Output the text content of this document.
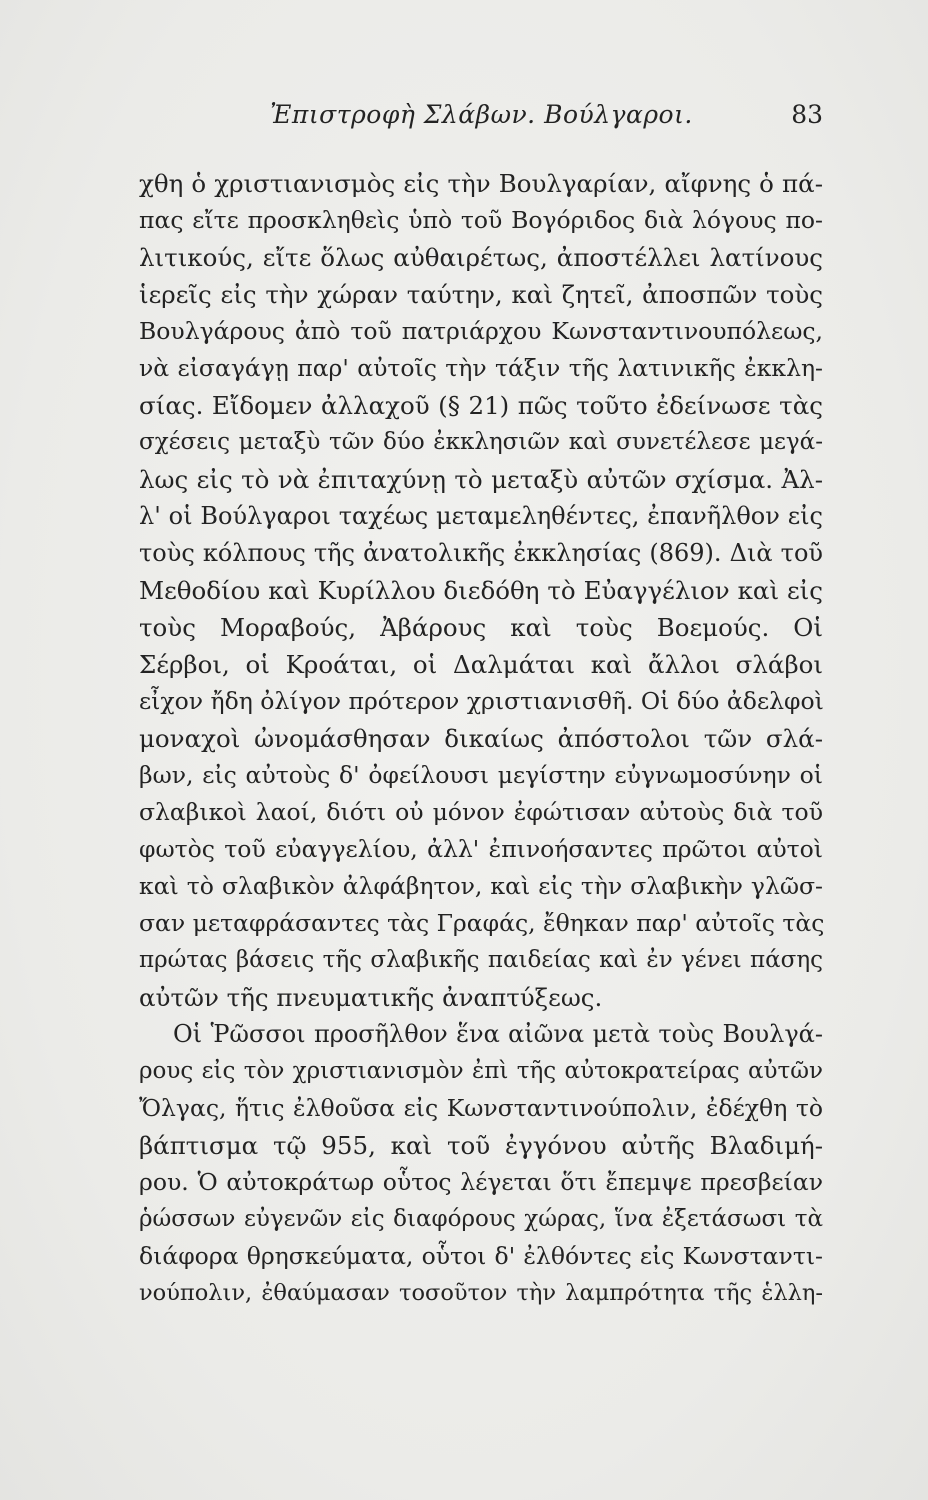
Ἐπιστροφὴ Σλάβων. Βούλγαροι.	83
χθη ὁ χριστιανισμὸς εἰς τὴν Βουλγαρίαν, αἴφνης ὁ πά-
πας εἴτε προσκληθεὶς ὑπὸ τοῦ Βογόριδος διὰ λόγους πο-
λιτικούς, εἴτε ὅλως αὐθαιρέτως, ἀποστέλλει λατίνους
ἱερεῖς εἰς τὴν χώραν ταύτην, καὶ ζητεῖ, ἀποσπῶν τοὺς
Βουλγάρους ἀπὸ τοῦ πατριάρχου Κωνσταντινουπόλεως,
νὰ εἰσαγάγῃ παρ' αὐτοῖς τὴν τάξιν τῆς λατινικῆς ἐκκλη-
σίας. Εἴδομεν ἀλλαχοῦ (§ 21) πῶς τοῦτο ἐδείνωσε τὰς
σχέσεις μεταξὺ τῶν δύο ἐκκλησιῶν καὶ συνετέλεσε μεγά-
λως εἰς τὸ νὰ ἐπιταχύνῃ τὸ μεταξὺ αὐτῶν σχίσμα. Ἀλ-
λ' οἱ Βούλγαροι ταχέως μεταμεληθέντες, ἐπανῆλθον εἰς
τοὺς κόλπους τῆς ἀνατολικῆς ἐκκλησίας (869). Διὰ τοῦ
Μεθοδίου καὶ Κυρίλλου διεδόθη τὸ Εὐαγγέλιον καὶ εἰς
τοὺς Μοραβούς, Ἀβάρους καὶ τοὺς Βοεμούς. Οἱ
Σέρβοι, οἱ Κροάται, οἱ Δαλμάται καὶ ἄλλοι σλάβοι
εἶχον ἤδη ὀλίγον πρότερον χριστιανισθῆ. Οἱ δύο ἀδελφοὶ
μοναχοὶ ὠνομάσθησαν δικαίως ἀπόστολοι τῶν σλά-
βων, εἰς αὐτοὺς δ' ὀφείλουσι μεγίστην εὐγνωμοσύνην οἱ
σλαβικοὶ λαοί, διότι οὐ μόνον ἐφώτισαν αὐτοὺς διὰ τοῦ
φωτὸς τοῦ εὐαγγελίου, ἀλλ' ἐπινοήσαντες πρῶτοι αὐτοὶ
καὶ τὸ σλαβικὸν ἀλφάβητον, καὶ εἰς τὴν σλαβικὴν γλῶσ-
σαν μεταφράσαντες τὰς Γραφάς, ἔθηκαν παρ' αὐτοῖς τὰς
πρώτας βάσεις τῆς σλαβικῆς παιδείας καὶ ἐν γένει πάσης
αὐτῶν τῆς πνευματικῆς ἀναπτύξεως.
Οἱ Ῥῶσσοι προσῆλθον ἕνα αἰῶνα μετὰ τοὺς Βουλγά-
ρους εἰς τὸν χριστιανισμὸν ἐπὶ τῆς αὐτοκρατείρας αὐτῶν
Ὄλγας, ἥτις ἐλθοῦσα εἰς Κωνσταντινούπολιν, ἐδέχθη τὸ
βάπτισμα τῷ 955, καὶ τοῦ ἐγγόνου αὐτῆς Βλαδιμή-
ρου. Ὁ αὐτοκράτωρ οὗτος λέγεται ὅτι ἔπεμψε πρεσβείαν
ῥώσσων εὐγενῶν εἰς διαφόρους χώρας, ἵνα ἐξετάσωσι τὰ
διάφορα θρησκεύματα, οὗτοι δ' ἐλθόντες εἰς Κωνσταντι-
νούπολιν, ἐθαύμασαν τοσοῦτον τὴν λαμπρότητα τῆς ἑλλη-
